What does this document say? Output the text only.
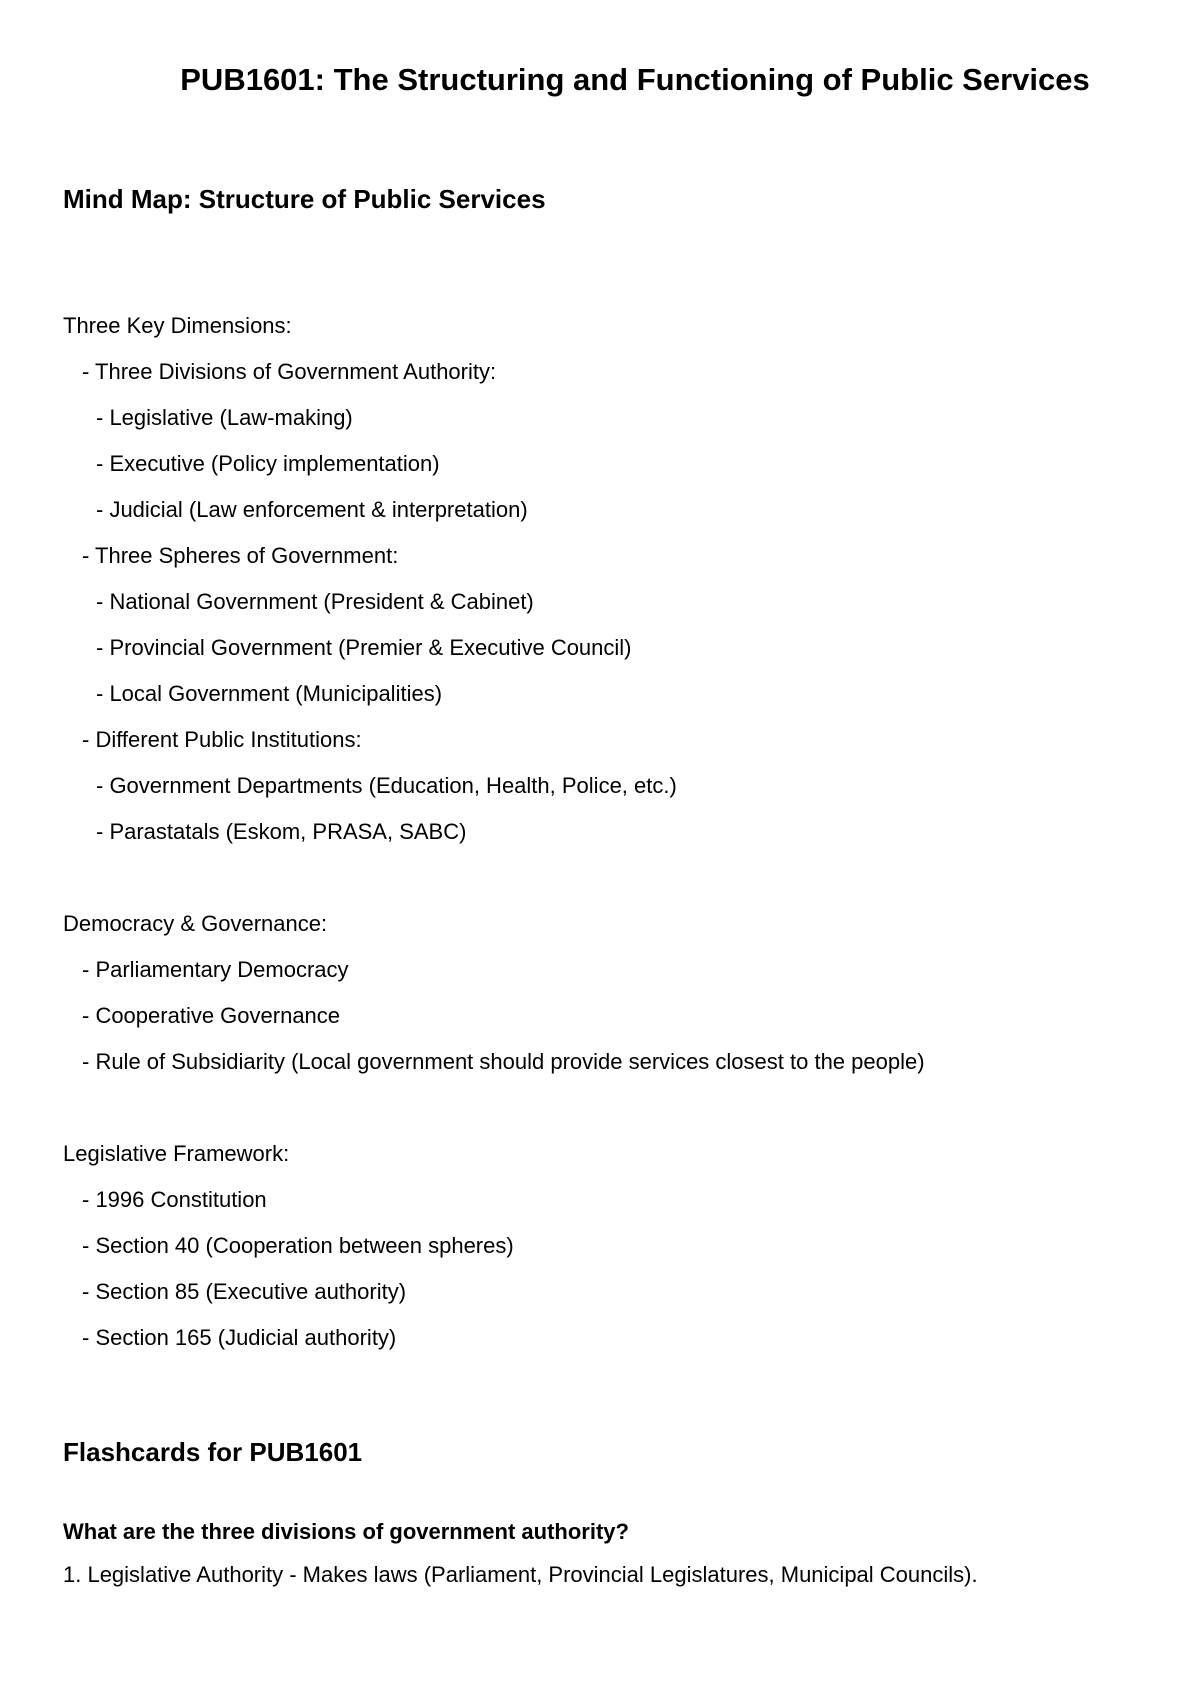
PUB1601: The Structuring and Functioning of Public Services
Mind Map: Structure of Public Services

Three Key Dimensions:

- Three Divisions of Government Authority:

- Legislative (Law-making)

- Executive (Policy implementation)

- Judicial (Law enforcement & interpretation)

- Three Spheres of Government:

- National Government (President & Cabinet)

- Provincial Government (Premier & Executive Council)

- Local Government (Municipalities)

- Different Public Institutions:

- Government Departments (Education, Health, Police, etc.)

- Parastatals (Eskom, PRASA, SABC)

Democracy & Governance:

- Parliamentary Democracy

- Cooperative Governance

- Rule of Subsidiarity (Local government should provide services closest to the people)

Legislative Framework:

- 1996 Constitution

- Section 40 (Cooperation between spheres)

- Section 85 (Executive authority)

- Section 165 (Judicial authority)

Flashcards for PUB1601

What are the three divisions of government authority?

1. Legislative Authority - Makes laws (Parliament, Provincial Legislatures, Municipal Councils).
